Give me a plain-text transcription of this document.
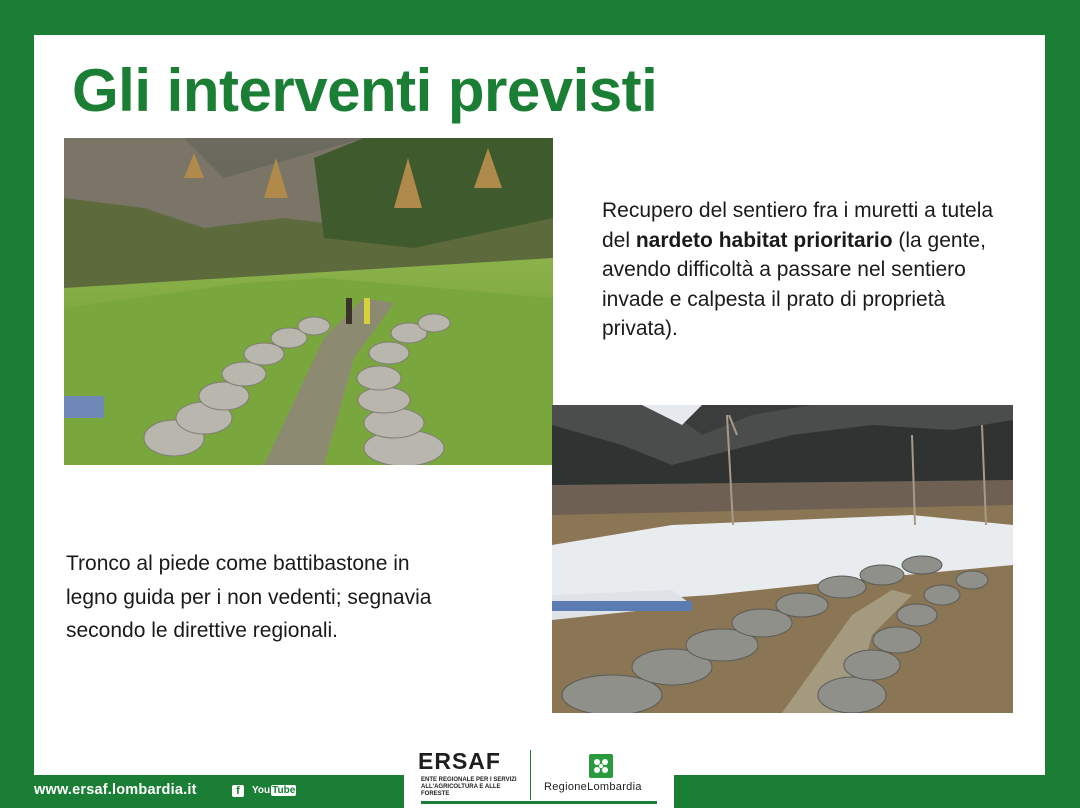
Gli interventi previsti

Recupero del sentiero fra i muretti a tutela del nardeto habitat prioritario (la gente, avendo difficoltà a passare nel sentiero invade e calpesta il prato di proprietà privata).

Tronco al piede come battibastone in legno guida per i non vedenti; segnavia secondo le direttive regionali.

www.ersaf.lombardia.it	f	You Tube
ERSAF
ENTE REGIONALE PER I SERVIZI ALL'AGRICOLTURA E ALLE FORESTE
RegioneLombardia
